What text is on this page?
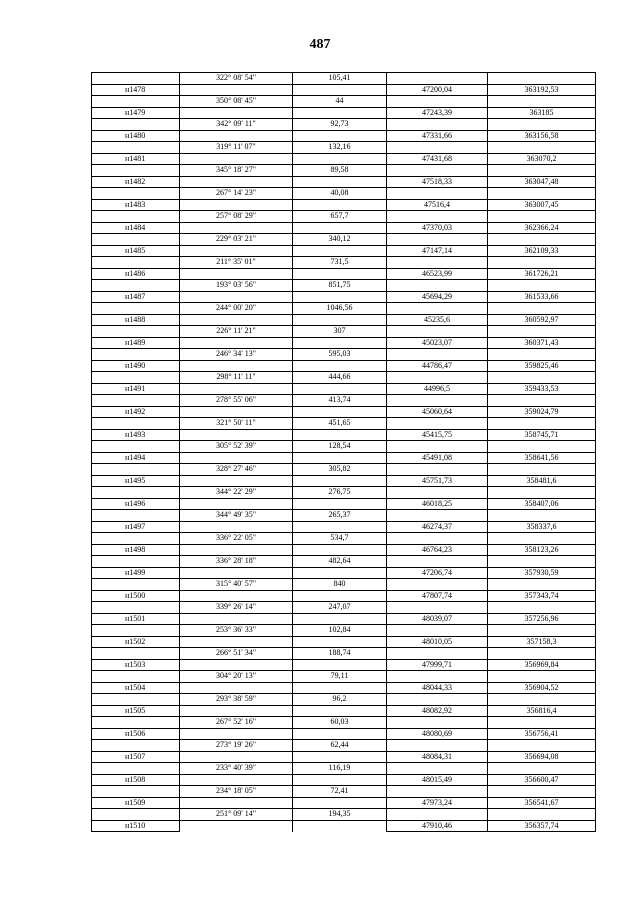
487
	322° 08' 54"	105,41		
н1478			47200,04	363192,53
	350° 08' 45"	44		
н1479			47243,39	363185
	342° 09' 11"	92,73		
н1480			47331,66	363156,58
	319° 11' 07"	132,16		
н1481			47431,68	363070,2
	345° 18' 27"	89,58		
н1482			47518,33	363047,48
	267° 14' 23"	40,08		
н1483			47516,4	363007,45
	257° 08' 29"	657,7		
н1484			47370,03	362366,24
	229° 03' 21"	340,12		
н1485			47147,14	362109,33
	211° 35' 01"	731,5		
н1486			46523,99	361726,21
	193° 03' 56"	851,75		
н1487			45694,29	361533,66
	244° 00' 20"	1046,56		
н1488			45235,6	360592,97
	226° 11' 21"	307		
н1489			45023,07	360371,43
	246° 34' 13"	595,03		
н1490			44786,47	359825,46
	298° 11' 11"	444,66		
н1491			44996,5	359433,53
	278° 55' 06"	413,74		
н1492			45060,64	359024,79
	321° 50' 11"	451,65		
н1493			45415,75	358745,71
	305° 52' 39"	128,54		
н1494			45491,08	358641,56
	328° 27' 46"	305,82		
н1495			45751,73	358481,6
	344° 22' 29"	276,75		
н1496			46018,25	358407,06
	344° 49' 35"	265,37		
н1497			46274,37	358337,6
	336° 22' 05"	534,7		
н1498			46764,23	358123,26
	336° 28' 18"	482,64		
н1499			47206,74	357930,59
	315° 40' 57"	840		
н1500			47807,74	357343,74
	339° 26' 14"	247,07		
н1501			48039,07	357256,96
	253° 36' 33"	102,84		
н1502			48010,05	357158,3
	266° 51' 34"	188,74		
н1503			47999,71	356969,84
	304° 20' 13"	79,11		
н1504			48044,33	356904,52
	293° 38' 59"	96,2		
н1505			48082,92	356816,4
	267° 52' 16"	60,03		
н1506			48080,69	356756,41
	273° 19' 26"	62,44		
н1507			48084,31	356694,08
	233° 40' 39"	116,19		
н1508			48015,49	356600,47
	234° 18' 05"	72,41		
н1509			47973,24	356541,67
	251° 09' 14"	194,35		
н1510			47910,46	356357,74
